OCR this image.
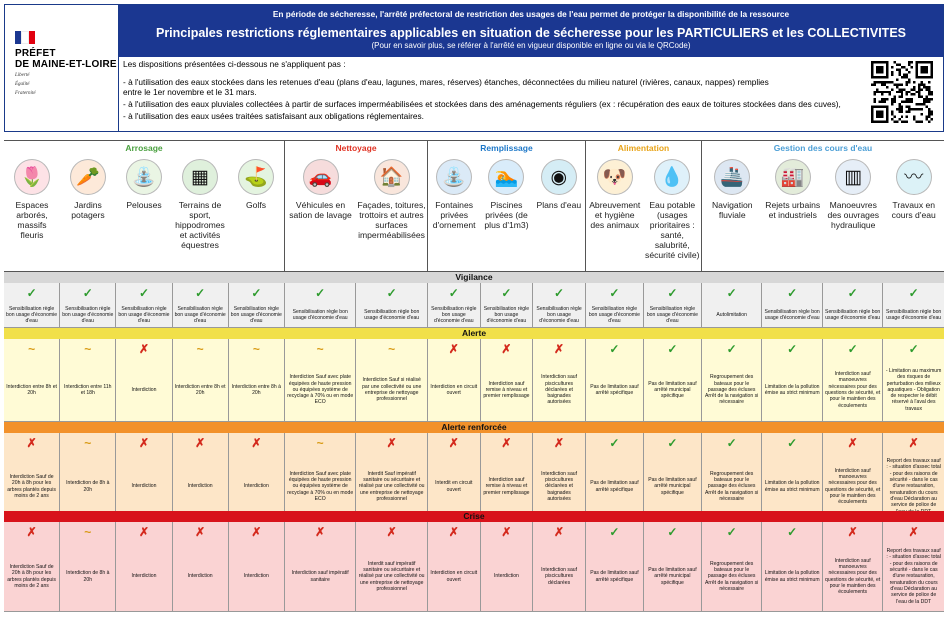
PRÉFET
DE MAINE-ET-LOIRE
Liberté
Égalité
Fraternité
En période de sécheresse, l'arrêté préfectoral de restriction des usages de l'eau permet de protéger la disponibilité de la ressource
Principales restrictions réglementaires applicables en situation de sécheresse pour les PARTICULIERS et les COLLECTIVITES
(Pour en savoir plus, se référer à l'arrêté en vigueur disponible en ligne ou via le QRCode)

Les dispositions présentées ci-dessous ne s'appliquent pas :

- à l'utilisation des eaux stockées dans les retenues d'eau (plans d'eau, lagunes, mares, réserves) étanches, déconnectées du milieu naturel (rivières, canaux, nappes) remplies entre le 1er novembre et le 31 mars.

- à l'utilisation des eaux pluviales collectées à partir de surfaces imperméabilisées et stockées dans des aménagements réguliers (ex : récupération des eaux de toitures stockées dans des cuves),

- à l'utilisation des eaux usées traitées satisfaisant aux obligations réglementaires.

Arrosage
🌷
Espaces arborés, massifs fleuris
🥕
Jardins potagers
⛲
Pelouses
▦
Terrains de sport, hippodromes et activités équestres
⛳
Golfs
Nettoyage
🚗
Véhicules en sation de lavage
🏠
Façades, toitures, trottoirs et autres surfaces imperméabilisées
Remplissage
⛲
Fontaines privées d'ornement
🏊
Piscines privées (de plus d'1m3)
◉
Plans d'eau
Alimentation
🐶
Abreuvement et hygiène des animaux
💧
Eau potable (usages prioritaires : santé, salubrité, sécurité civile)
Gestion des cours d'eau
🚢
Navigation fluviale
🏭
Rejets urbains et industriels
▥
Manoeuvres des ouvrages hydraulique
〰
Travaux en cours d'eau
Vigilance
✓
Sensibilisation règle bon usage d'économie d'eau
✓
Sensibilisation règle bon usage d'économie d'eau
✓
Sensibilisation règle bon usage d'économie d'eau
✓
Sensibilisation règle bon usage d'économie d'eau
✓
Sensibilisation règle bon usage d'économie d'eau
✓
Sensibilisation règle bon usage d'économie d'eau
✓
Sensibilisation règle bon usage d'économie d'eau
✓
Sensibilisation règle bon usage d'économie d'eau
✓
Sensibilisation règle bon usage d'économie d'eau
✓
Sensibilisation règle bon usage d'économie d'eau
✓
Sensibilisation règle bon usage d'économie d'eau
✓
Sensibilisation règle bon usage d'économie d'eau
✓
Autolimitation
✓
Sensibilisation règle bon usage d'économie d'eau
✓
Sensibilisation règle bon usage d'économie d'eau
✓
Sensibilisation règle bon usage d'économie d'eau
Alerte
~
Interdiction entre 8h et 20h
~
Interdiction entre 11h et 18h
✗
Interdiction
~
Interdiction entre 8h et 20h
~
Interdiction entre 8h à 20h
~
Interdiction Sauf avec plate équipées de haute pression ou équipées système de recyclage à 70% ou en mode ECO
~
Interdiction Sauf si réalisé par une collectivité ou une entreprise de nettoyage professionnel
✗
Interdiction en circuit ouvert
✗
Interdiction sauf remise à niveau et premier remplissage
✗
Interdiction sauf piscicultures déclarées et baignades autorisées
✓
Pas de limitation sauf arrêté spécifique
✓
Pas de limitation sauf arrêté municipal spécifique
✓
Regroupement des bateaux pour le passage des écluses Arrêt de la navigation si nécessaire
✓
Limitation de la pollution émise au strict minimum
✓
Interdiction sauf manoeuvres nécessaires pour des questions de sécurité, et pour le maintien des écoulements
✓
- Limitation au maximum des risques de perturbation des milieux aquatiques - Obligation de respecter le débit réservé à l'aval des travaux
Alerte renforcée
✗
Interdiction Sauf de 20h à 8h pour les arbres plantés depuis moins de 2 ans
~
Interdiction de 8h à 20h
✗
Interdiction
✗
Interdiction
✗
Interdiction
~
Interdiction Sauf avec plate équipées de haute pression ou équipées système de recyclage à 70% ou en mode ECO
✗
Interdit Sauf impératif sanitaire ou sécuritaire et réalisé par une collectivité ou une entreprise de nettoyage professionnel
✗
Interdit en circuit ouvert
✗
Interdiction sauf remise à niveau et premier remplissage
✗
Interdiction sauf piscicultures déclarées et baignades autorisées
✓
Pas de limitation sauf arrêté spécifique
✓
Pas de limitation sauf arrêté municipal spécifique
✓
Regroupement des bateaux pour le passage des écluses Arrêt de la navigation si nécessaire
✓
Limitation de la pollution émise au strict minimum
✗
Interdiction sauf manoeuvres nécessaires pour des questions de sécurité, et pour le maintien des écoulements
✗
Report des travaux sauf : - situation d'assec total - pour des raisons de sécurité - dans le cas d'une restauration, renaturation du cours d'eau Déclaration au service de police de
Crise
✗
Interdiction Sauf de 20h à 8h pour les arbres plantés depuis moins de 2 ans
~
Interdiction de 8h à 20h
✗
Interdiction
✗
Interdiction
✗
Interdiction
✗
Interdiction sauf impératif sanitaire
✗
Interdit sauf impératif sanitaire ou sécuritaire et réalisé par une collectivité ou une entreprise de nettoyage professionnel
✗
Interdiction en circuit ouvert
✗
Interdiction
✗
Interdiction sauf piscicultures déclarées
✓
Pas de limitation sauf arrêté spécifique
✓
Pas de limitation sauf arrêté municipal spécifique
✓
Regroupement des bateaux pour le passage des écluses Arrêt de la navigation si nécessaire
✓
Limitation de la pollution émise au strict minimum
✗
Interdiction sauf manoeuvres nécessaires pour des questions de sécurité, et pour le maintien des écoulements
✗
Report des travaux sauf : - situation d'assec total - pour des raisons de sécurité - dans le cas d'une restauration, renaturation du cours d'eau Déclaration au service de police de l'eau de la DDT
